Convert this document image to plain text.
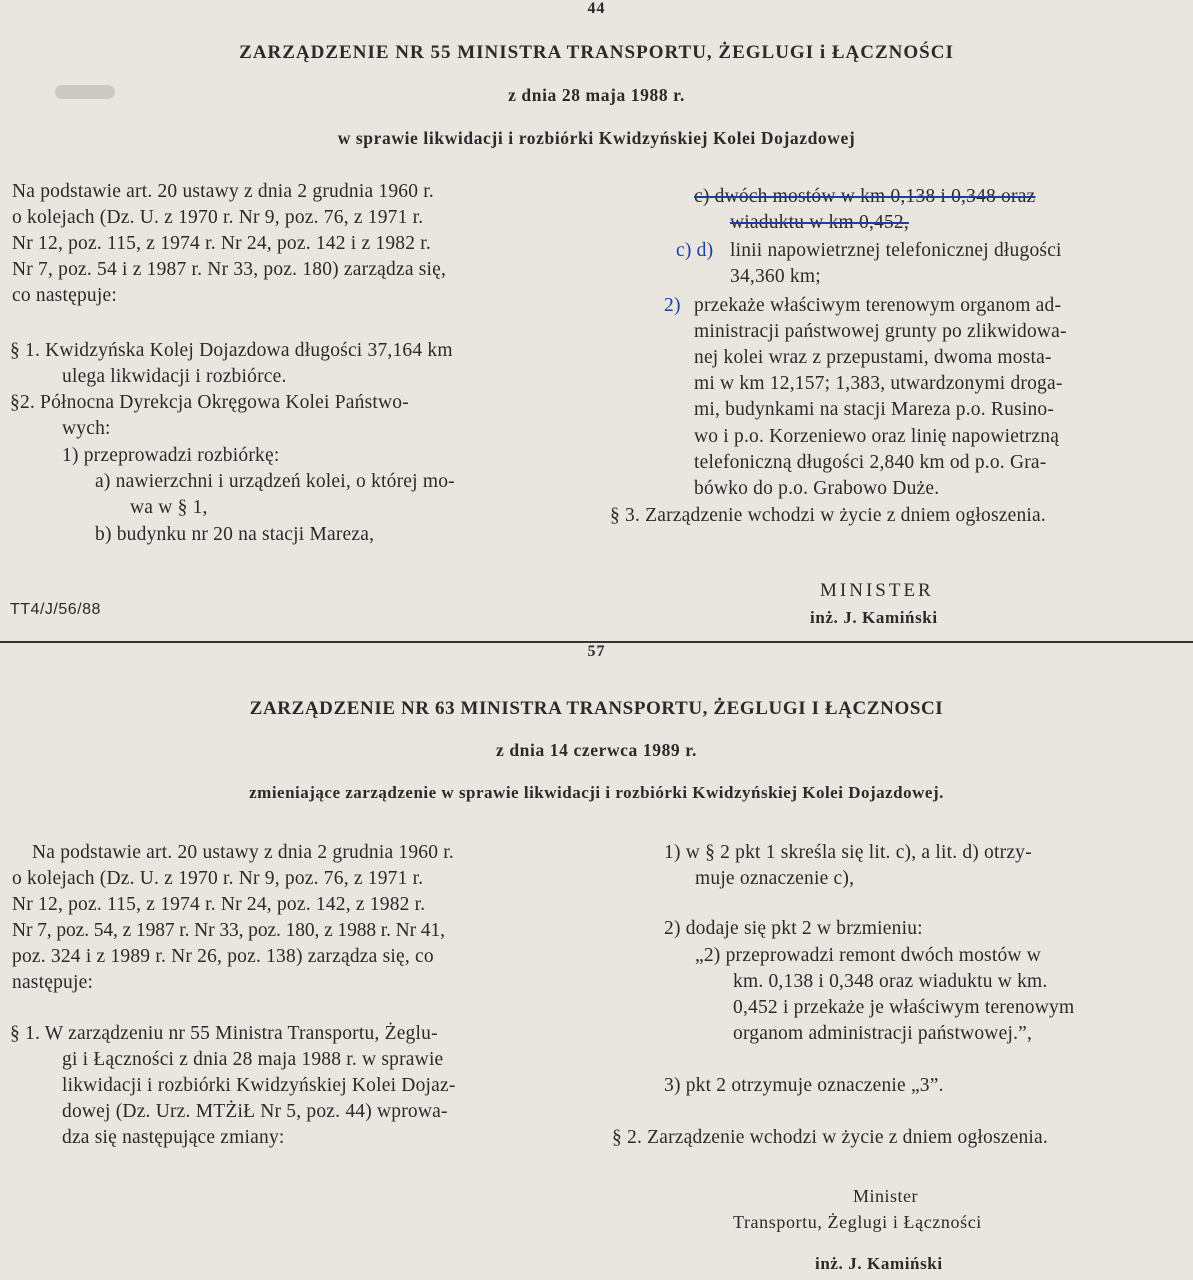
44
ZARZĄDZENIE NR 55 MINISTRA TRANSPORTU, ŻEGLUGI i ŁĄCZNOŚCI
z dnia 28 maja 1988 r.
w sprawie likwidacji i rozbiórki Kwidzyńskiej Kolei Dojazdowej
Na podstawie art. 20 ustawy z dnia 2 grudnia 1960 r.
o kolejach (Dz. U. z 1970 r. Nr 9, poz. 76, z 1971 r.
Nr 12, poz. 115, z 1974 r. Nr 24, poz. 142 i z 1982 r.
Nr 7, poz. 54 i z 1987 r. Nr 33, poz. 180) zarządza się,
co następuje:
§ 1. Kwidzyńska Kolej Dojazdowa długości 37,164 km
ulega likwidacji i rozbiórce.
§2. Północna Dyrekcja Okręgowa Kolei Państwo-
wych:
1) przeprowadzi rozbiórkę:
a) nawierzchni i urządzeń kolei, o której mo-
wa w § 1,
b) budynku nr 20 na stacji Mareza,
c) dwóch mostów w km 0,138 i 0,348 oraz
wiaduktu w km 0,452,
c) d) linii napowietrznej telefonicznej długości
34,360 km;
2) przekaże właściwym terenowym organom ad-
ministracji państwowej grunty po zlikwidowa-
nej kolei wraz z przepustami, dwoma mosta-
mi w km 12,157; 1,383, utwardzonymi droga-
mi, budynkami na stacji Mareza p.o. Rusino-
wo i p.o. Korzeniewo oraz linię napowietrzną
telefoniczną długości 2,840 km od p.o. Gra-
bówko do p.o. Grabowo Duże.
§ 3. Zarządzenie wchodzi w życie z dniem ogłoszenia.
MINISTER
inż. J. Kamiński
TT4/J/56/88
57
ZARZĄDZENIE NR 63 MINISTRA TRANSPORTU, ŻEGLUGI I ŁĄCZNOSCI
z dnia 14 czerwca 1989 r.
zmieniające zarządzenie w sprawie likwidacji i rozbiórki Kwidzyńskiej Kolei Dojazdowej.
Na podstawie art. 20 ustawy z dnia 2 grudnia 1960 r.
o kolejach (Dz. U. z 1970 r. Nr 9, poz. 76, z 1971 r.
Nr 12, poz. 115, z 1974 r. Nr 24, poz. 142, z 1982 r.
Nr 7, poz. 54, z 1987 r. Nr 33, poz. 180, z 1988 r. Nr 41,
poz. 324 i z 1989 r. Nr 26, poz. 138) zarządza się, co
następuje:
§ 1. W zarządzeniu nr 55 Ministra Transportu, Żeglu-
gi i Łączności z dnia 28 maja 1988 r. w sprawie
likwidacji i rozbiórki Kwidzyńskiej Kolei Dojaz-
dowej (Dz. Urz. MTŻiŁ Nr 5, poz. 44) wprowa-
dza się następujące zmiany:
1) w § 2 pkt 1 skreśla się lit. c), a lit. d) otrzy-
muje oznaczenie c),
2) dodaje się pkt 2 w brzmieniu:
„2) przeprowadzi remont dwóch mostów w
km. 0,138 i 0,348 oraz wiaduktu w km.
0,452 i przekaże je właściwym terenowym
organom administracji państwowej.”,
3) pkt 2 otrzymuje oznaczenie „3”.
§ 2. Zarządzenie wchodzi w życie z dniem ogłoszenia.
Minister
Transportu, Żeglugi i Łączności
inż. J. Kamiński
